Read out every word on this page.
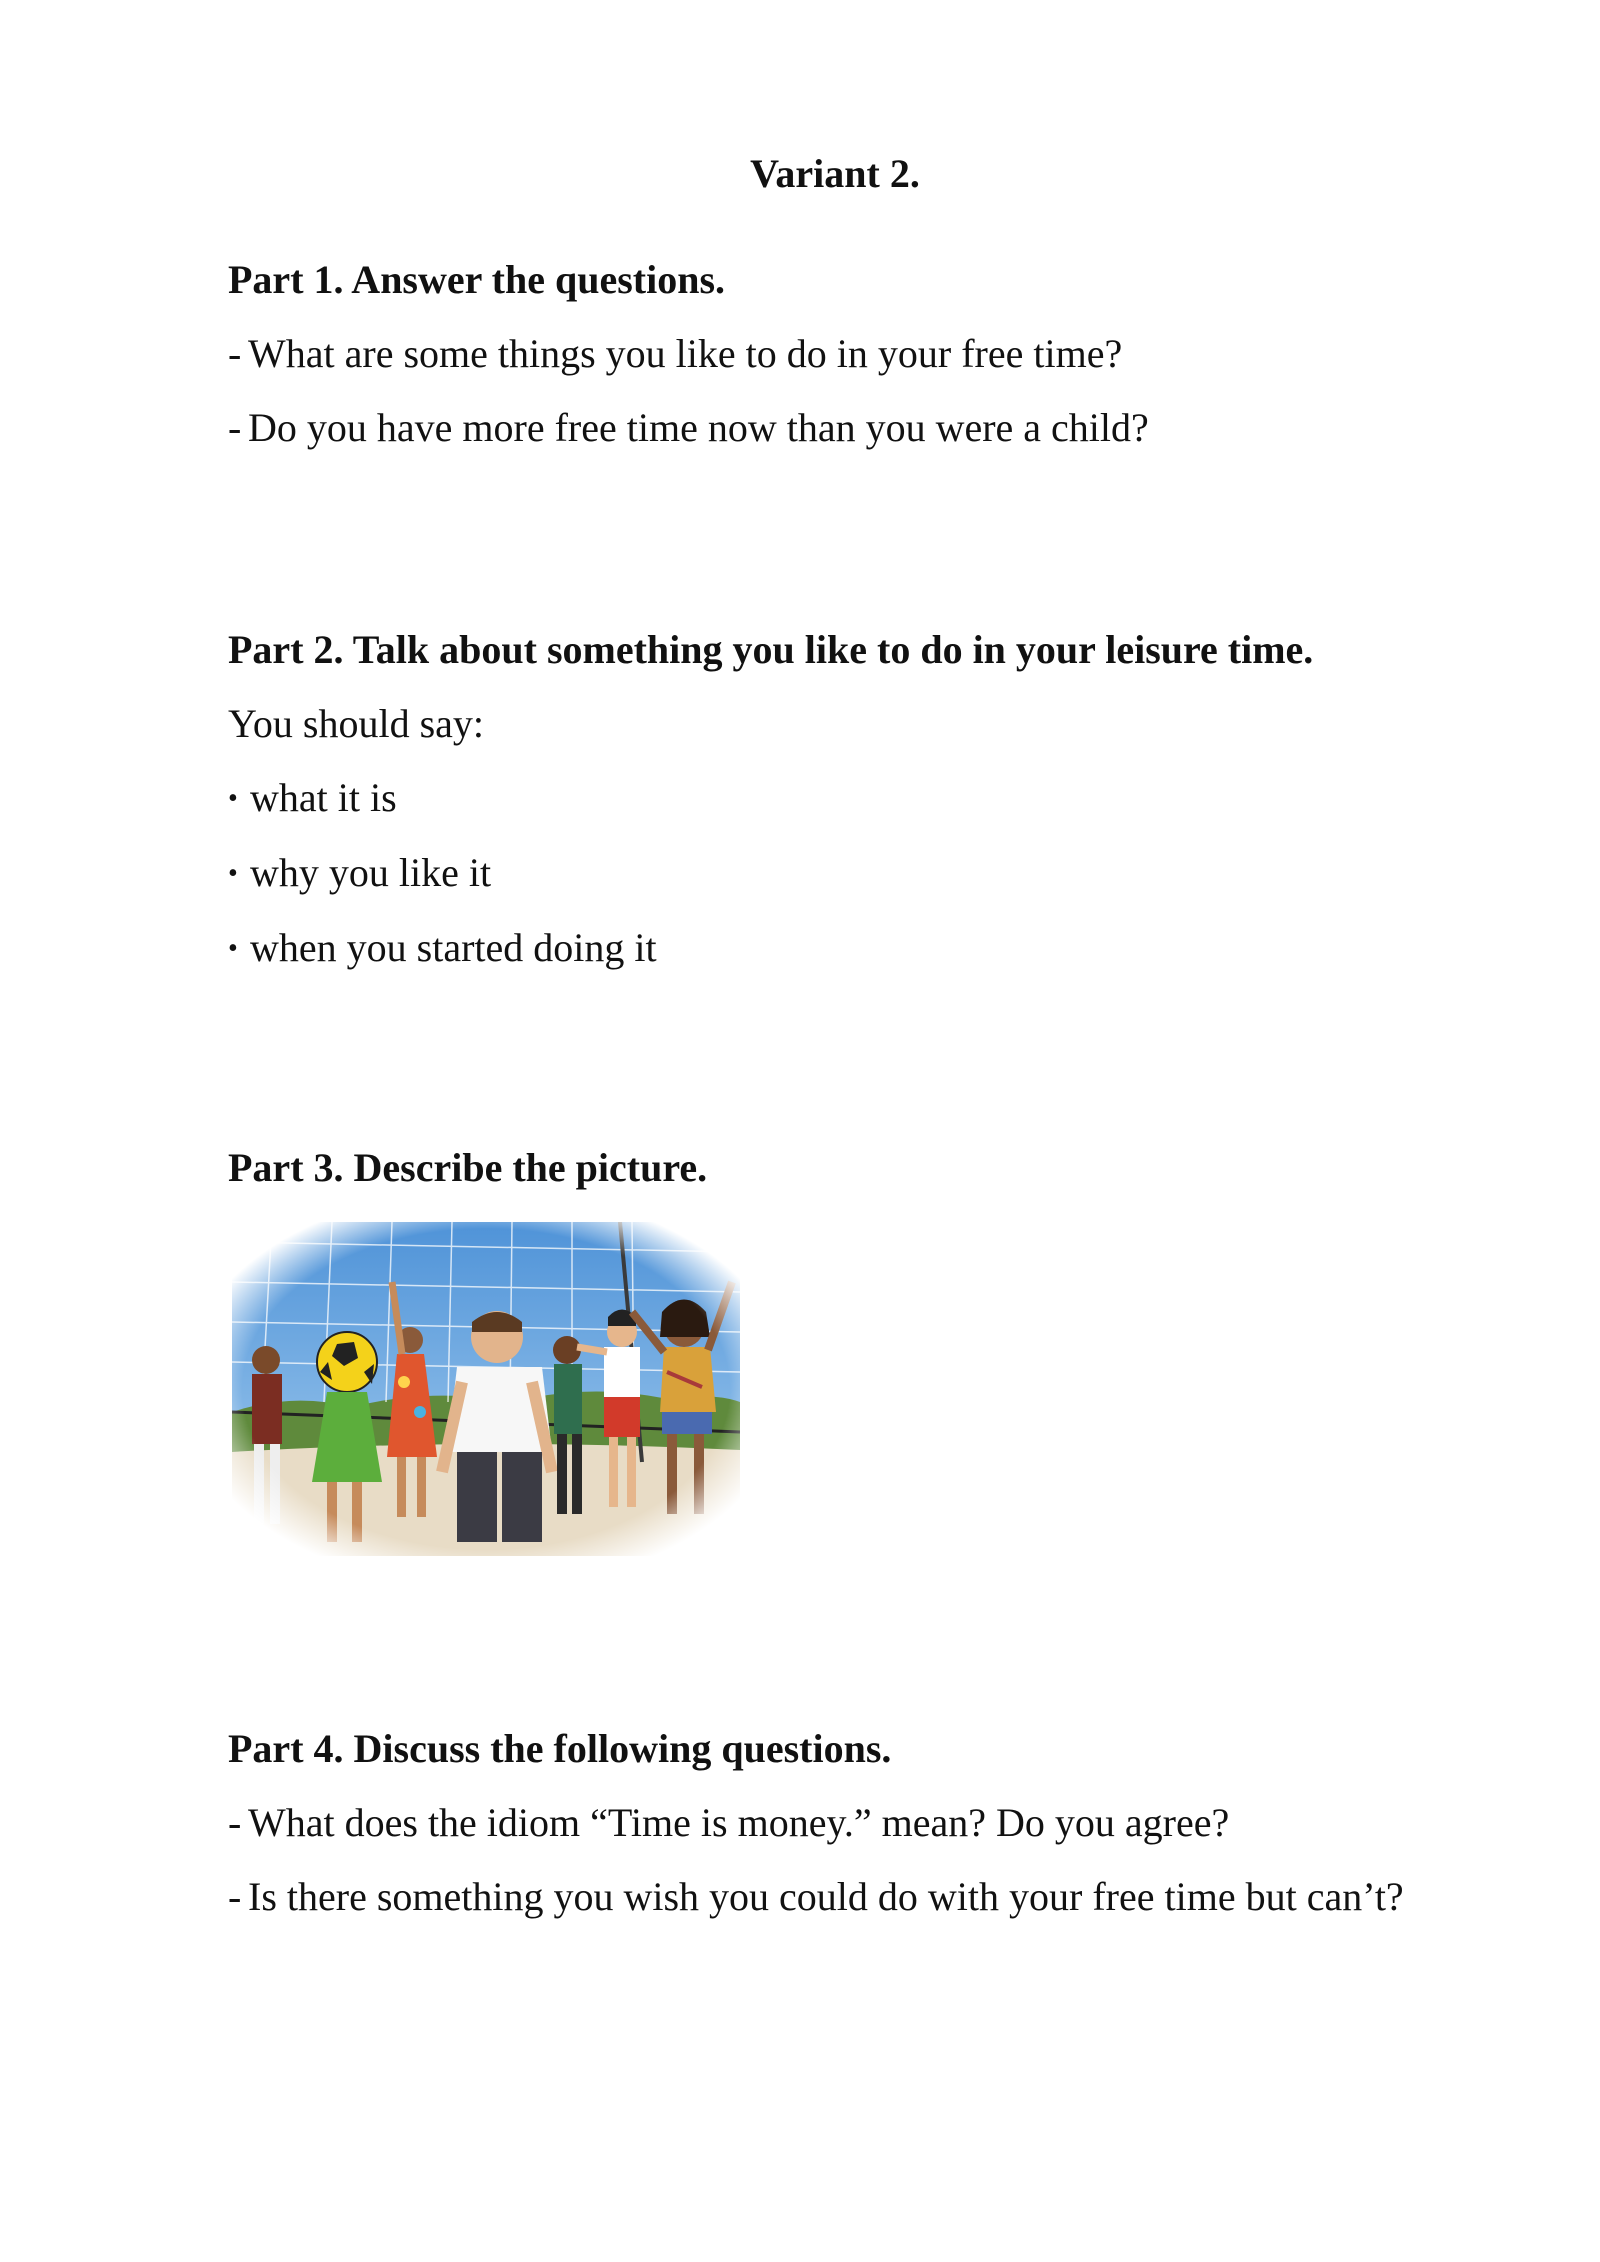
Variant 2.
Part 1. Answer the questions.
- What are some things you like to do in your free time?
- Do you have more free time now than you were a child?
Part 2. Talk about something you like to do in your leisure time.
You should say:
• what it is
• why you like it
• when you started doing it
Part 3. Describe the picture.
Part 4. Discuss the following questions.
- What does the idiom “Time is money.” mean? Do you agree?
- Is there something you wish you could do with your free time but can’t?
